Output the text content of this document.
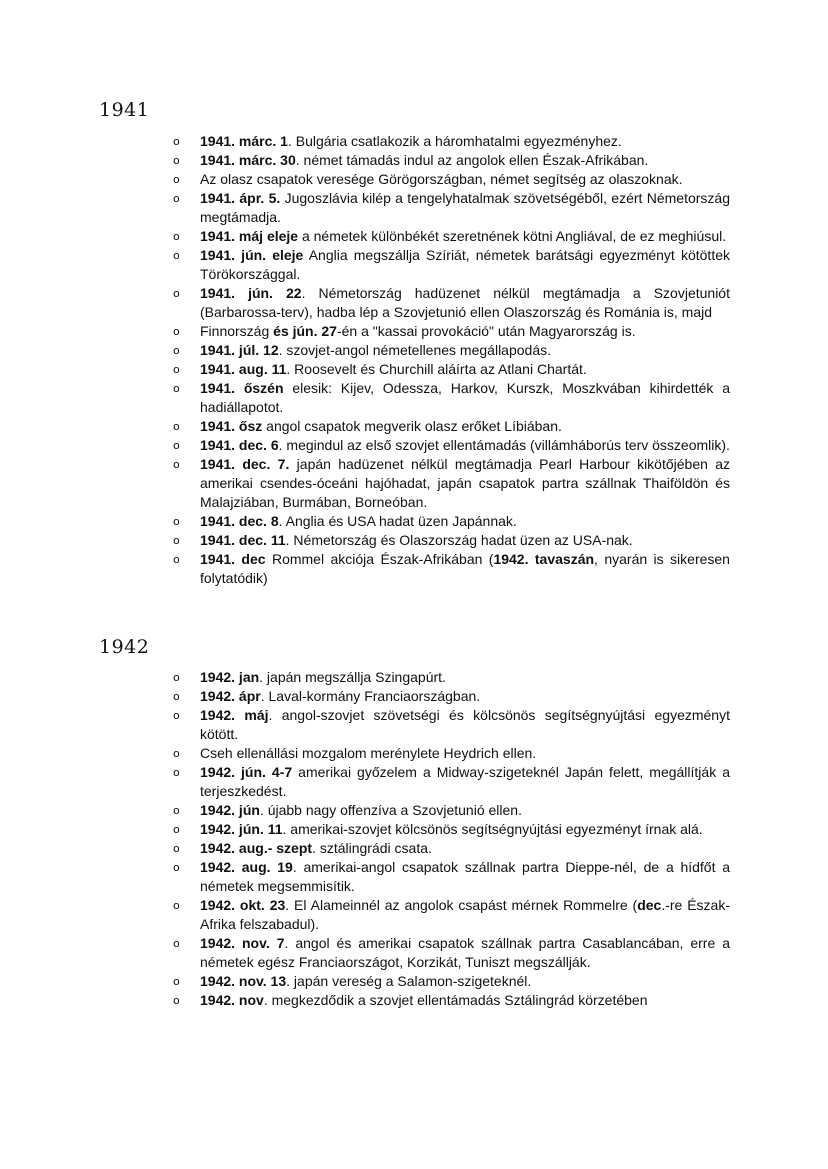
1941
o 1941. márc. 1. Bulgária csatlakozik a háromhatalmi egyezményhez.
o 1941. márc. 30. német támadás indul az angolok ellen Észak-Afrikában.
o Az olasz csapatok veresége Görögországban, német segítség az olaszoknak.
o 1941. ápr. 5. Jugoszlávia kilép a tengelyhatalmak szövetségéből, ezért Németország megtámadja.
o 1941. máj eleje a németek különbékét szeretnének kötni Angliával, de ez meghiúsul.
o 1941. jún. eleje Anglia megszállja Szíriát, németek barátsági egyezményt kötöttek Törökországgal.
o 1941. jún. 22. Németország hadüzenet nélkül megtámadja a Szovjetuniót (Barbarossa-terv), hadba lép a Szovjetunió ellen Olaszország és Románia is, majd
o Finnország és jún. 27-én a "kassai provokáció" után Magyarország is.
o 1941. júl. 12. szovjet-angol németellenes megállapodás.
o 1941. aug. 11. Roosevelt és Churchill aláírta az Atlani Chartát.
o 1941. őszén elesik: Kijev, Odessza, Harkov, Kurszk, Moszkvában kihirdették a hadiállapotot.
o 1941. ősz angol csapatok megverik olasz erőket Líbiában.
o 1941. dec. 6. megindul az első szovjet ellentámadás (villámháborús terv összeomlik).
o 1941. dec. 7. japán hadüzenet nélkül megtámadja Pearl Harbour kikötőjében az amerikai csendes-óceáni hajóhadat, japán csapatok partra szállnak Thaiföldön és Malajziában, Burmában, Borneóban.
o 1941. dec. 8. Anglia és USA hadat üzen Japánnak.
o 1941. dec. 11. Németország és Olaszország hadat üzen az USA-nak.
o 1941. dec Rommel akciója Észak-Afrikában (1942. tavaszán, nyarán is sikeresen folytatódik)
1942
o 1942. jan. japán megszállja Szingapúrt.
o 1942. ápr. Laval-kormány Franciaországban.
o 1942. máj. angol-szovjet szövetségi és kölcsönös segítségnyújtási egyezményt kötött.
o Cseh ellenállási mozgalom merénylete Heydrich ellen.
o 1942. jún. 4-7 amerikai győzelem a Midway-szigeteknél Japán felett, megállítják a terjeszkedést.
o 1942. jún. újabb nagy offenzíva a Szovjetunió ellen.
o 1942. jún. 11. amerikai-szovjet kölcsönös segítségnyújtási egyezményt írnak alá.
o 1942. aug.- szept. sztálingrádi csata.
o 1942. aug. 19. amerikai-angol csapatok szállnak partra Dieppe-nél, de a hídfőt a németek megsemmisítik.
o 1942. okt. 23. El Alameinnél az angolok csapást mérnek Rommelre (dec.-re Észak-Afrika felszabadul).
o 1942. nov. 7. angol és amerikai csapatok szállnak partra Casablancában, erre a németek egész Franciaországot, Korzikát, Tuniszt megszállják.
o 1942. nov. 13. japán vereség a Salamon-szigeteknél.
o 1942. nov. megkezdődik a szovjet ellentámadás Sztálingrád körzetében
